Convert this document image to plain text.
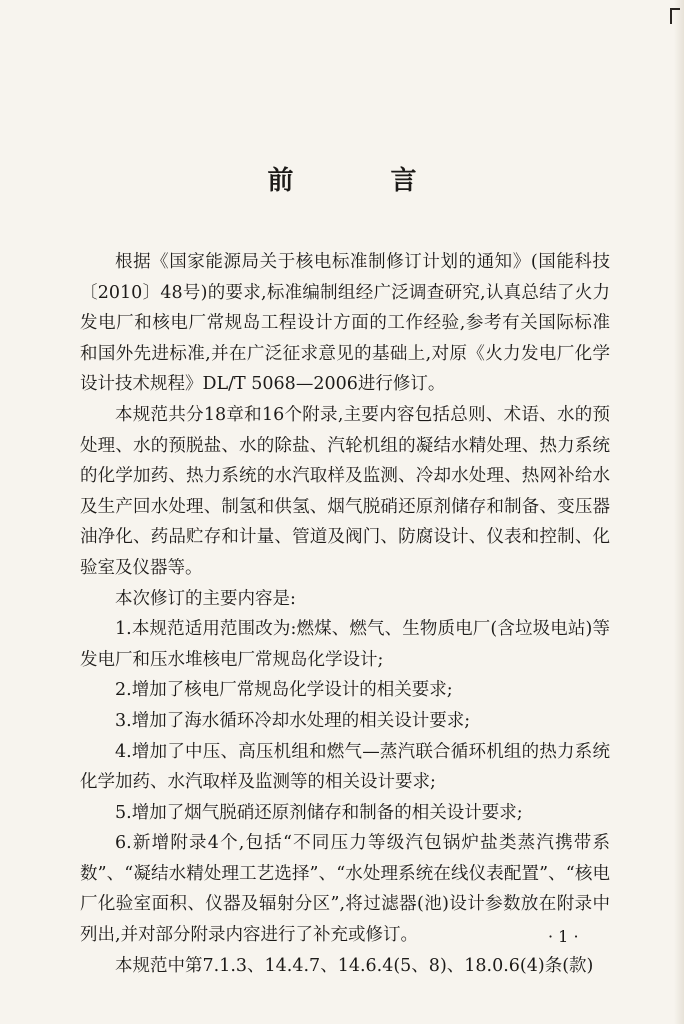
前 言

根据《国家能源局关于核电标准制修订计划的通知》(国能科技〔2010〕48号)的要求,标准编制组经广泛调查研究,认真总结了火力发电厂和核电厂常规岛工程设计方面的工作经验,参考有关国际标准和国外先进标准,并在广泛征求意见的基础上,对原《火力发电厂化学设计技术规程》DL/T 5068—2006进行修订。

本规范共分18章和16个附录,主要内容包括总则、术语、水的预处理、水的预脱盐、水的除盐、汽轮机组的凝结水精处理、热力系统的化学加药、热力系统的水汽取样及监测、冷却水处理、热网补给水及生产回水处理、制氢和供氢、烟气脱硝还原剂储存和制备、变压器油净化、药品贮存和计量、管道及阀门、防腐设计、仪表和控制、化验室及仪器等。

本次修订的主要内容是:

1.本规范适用范围改为:燃煤、燃气、生物质电厂(含垃圾电站)等发电厂和压水堆核电厂常规岛化学设计;

2.增加了核电厂常规岛化学设计的相关要求;

3.增加了海水循环冷却水处理的相关设计要求;

4.增加了中压、高压机组和燃气—蒸汽联合循环机组的热力系统化学加药、水汽取样及监测等的相关设计要求;

5.增加了烟气脱硝还原剂储存和制备的相关设计要求;

6.新增附录4个,包括“不同压力等级汽包锅炉盐类蒸汽携带系数”、“凝结水精处理工艺选择”、“水处理系统在线仪表配置”、“核电厂化验室面积、仪器及辐射分区”,将过滤器(池)设计参数放在附录中列出,并对部分附录内容进行了补充或修订。

本规范中第7.1.3、14.4.7、14.6.4(5、8)、18.0.6(4)条(款)

· 1 ·
